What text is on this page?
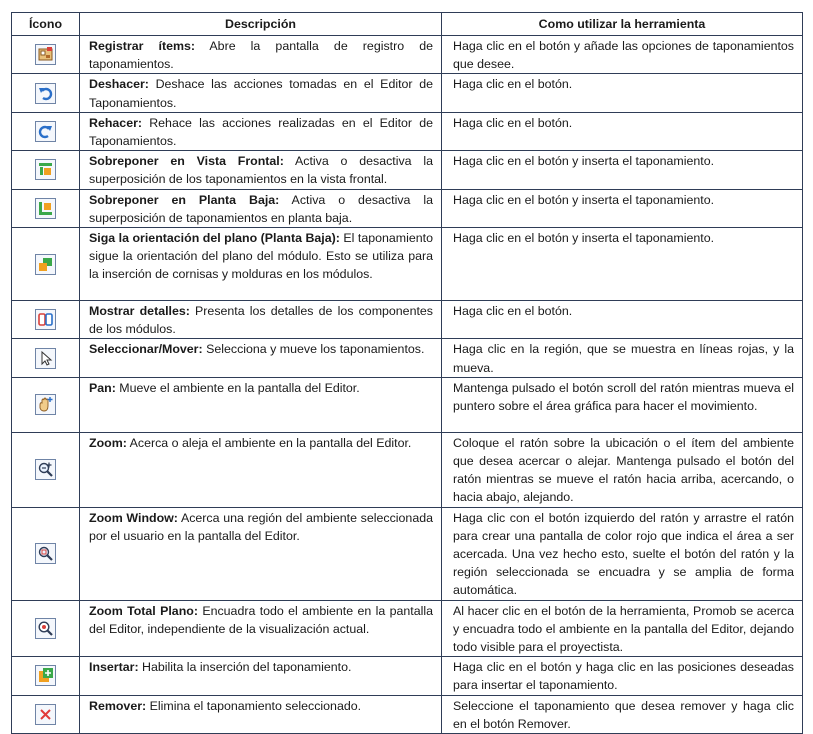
Ícono	Descripción	Como utilizar la herramienta

	Registrar ítems: Abre la pantalla de registro de taponamientos.	Haga clic en el botón y añade las opciones de taponamientos que desee.

	Deshacer: Deshace las acciones tomadas en el Editor de Taponamientos.	Haga clic en el botón.

	Rehacer: Rehace las acciones realizadas en el Editor de Taponamientos.	Haga clic en el botón.

	Sobreponer en Vista Frontal: Activa o desactiva la superposición de los taponamientos en la vista frontal.	Haga clic en el botón y inserta el taponamiento.

	Sobreponer en Planta Baja: Activa o desactiva la superposición de taponamientos en planta baja.	Haga clic en el botón y inserta el taponamiento.

	Siga la orientación del plano (Planta Baja): El taponamiento sigue la orientación del plano del módulo. Esto se utiliza para la inserción de cornisas y molduras en los módulos.	Haga clic en el botón y inserta el taponamiento.

	Mostrar detalles: Presenta los detalles de los componentes de los módulos.	Haga clic en el botón.

	Seleccionar/Mover: Selecciona y mueve los taponamientos.	Haga clic en la región, que se muestra en líneas rojas, y la mueva.

	Pan: Mueve el ambiente en la pantalla del Editor.	Mantenga pulsado el botón scroll del ratón mientras mueva el puntero sobre el área gráfica para hacer el movimiento.

	Zoom: Acerca o aleja el ambiente en la pantalla del Editor.	Coloque el ratón sobre la ubicación o el ítem del ambiente que desea acercar o alejar. Mantenga pulsado el botón del ratón mientras se mueve el ratón hacia arriba, acercando, o hacia abajo, alejando.

	Zoom Window: Acerca una región del ambiente seleccionada por el usuario en la pantalla del Editor.	Haga clic con el botón izquierdo del ratón y arrastre el ratón para crear una pantalla de color rojo que indica el área a ser acercada. Una vez hecho esto, suelte el botón del ratón y la región seleccionada se encuadra y se amplia de forma automática.

	Zoom Total Plano: Encuadra todo el ambiente en la pantalla del Editor, independiente de la visualización actual.	Al hacer clic en el botón de la herramienta, Promob se acerca y encuadra todo el ambiente en la pantalla del Editor, dejando todo visible para el proyectista.

	Insertar: Habilita la inserción del taponamiento.	Haga clic en el botón y haga clic en las posiciones deseadas para insertar el taponamiento.

	Remover: Elimina el taponamiento seleccionado.	Seleccione el taponamiento que desea remover y haga clic en el botón Remover.
